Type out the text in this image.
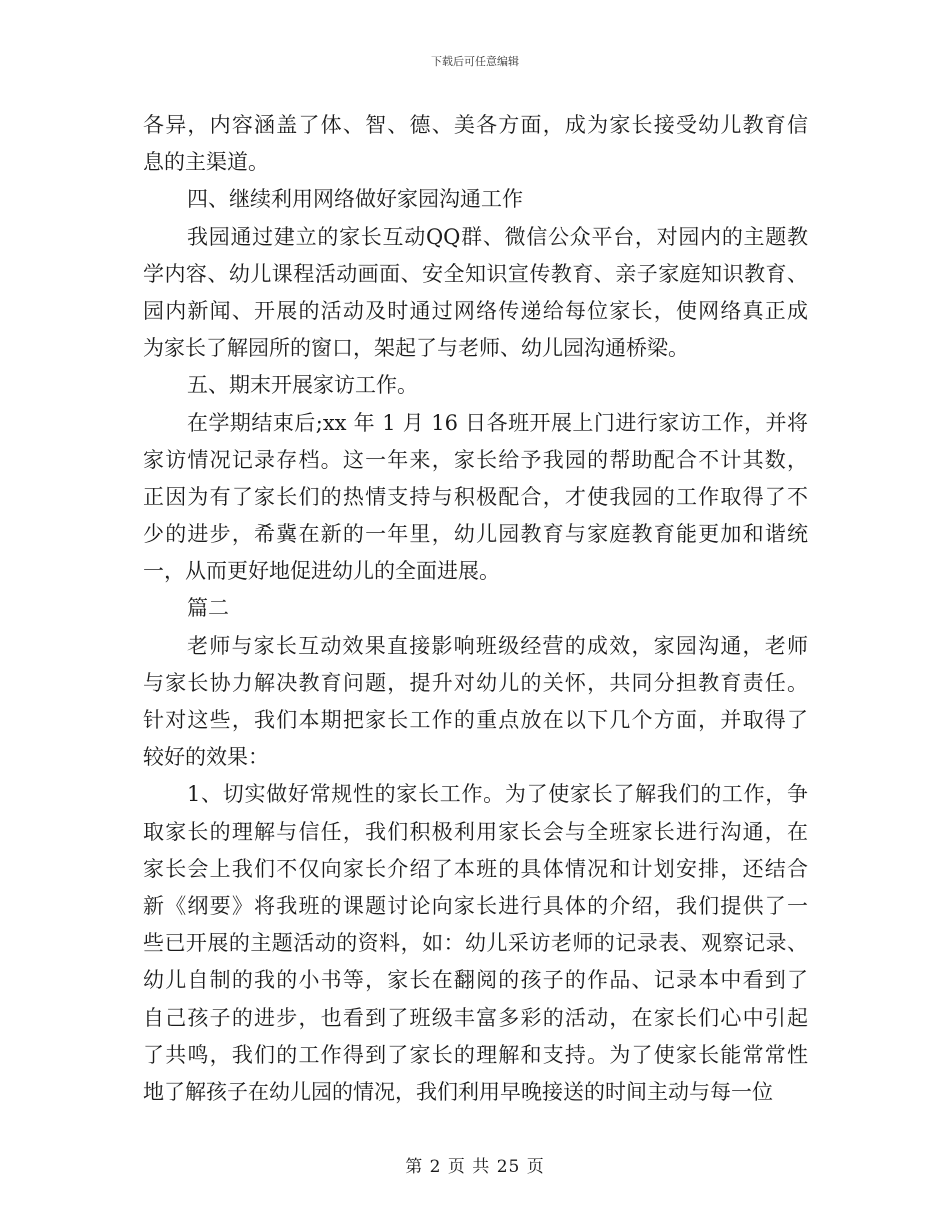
下载后可任意编辑
各异，内容涵盖了体、智、德、美各方面，成为家长接受幼儿教育信
息的主渠道。
四、继续利用网络做好家园沟通工作
我园通过建立的家长互动QQ群、微信公众平台，对园内的主题教
学内容、幼儿课程活动画面、安全知识宣传教育、亲子家庭知识教育、
园内新闻、开展的活动及时通过网络传递给每位家长，使网络真正成
为家长了解园所的窗口，架起了与老师、幼儿园沟通桥梁。
五、期末开展家访工作。
在学期结束后;xx 年 1 月 16 日各班开展上门进行家访工作，并将
家访情况记录存档。这一年来，家长给予我园的帮助配合不计其数，
正因为有了家长们的热情支持与积极配合，才使我园的工作取得了不
少的进步，希冀在新的一年里，幼儿园教育与家庭教育能更加和谐统
一，从而更好地促进幼儿的全面进展。
篇二
老师与家长互动效果直接影响班级经营的成效，家园沟通，老师
与家长协力解决教育问题，提升对幼儿的关怀，共同分担教育责任。
针对这些，我们本期把家长工作的重点放在以下几个方面，并取得了
较好的效果：
1、切实做好常规性的家长工作。为了使家长了解我们的工作，争
取家长的理解与信任，我们积极利用家长会与全班家长进行沟通，在
家长会上我们不仅向家长介绍了本班的具体情况和计划安排，还结合
新《纲要》将我班的课题讨论向家长进行具体的介绍，我们提供了一
些已开展的主题活动的资料，如：幼儿采访老师的记录表、观察记录、
幼儿自制的我的小书等，家长在翻阅的孩子的作品、记录本中看到了
自己孩子的进步，也看到了班级丰富多彩的活动，在家长们心中引起
了共鸣，我们的工作得到了家长的理解和支持。为了使家长能常常性
地了解孩子在幼儿园的情况，我们利用早晚接送的时间主动与每一位
第 2 页 共 25 页
